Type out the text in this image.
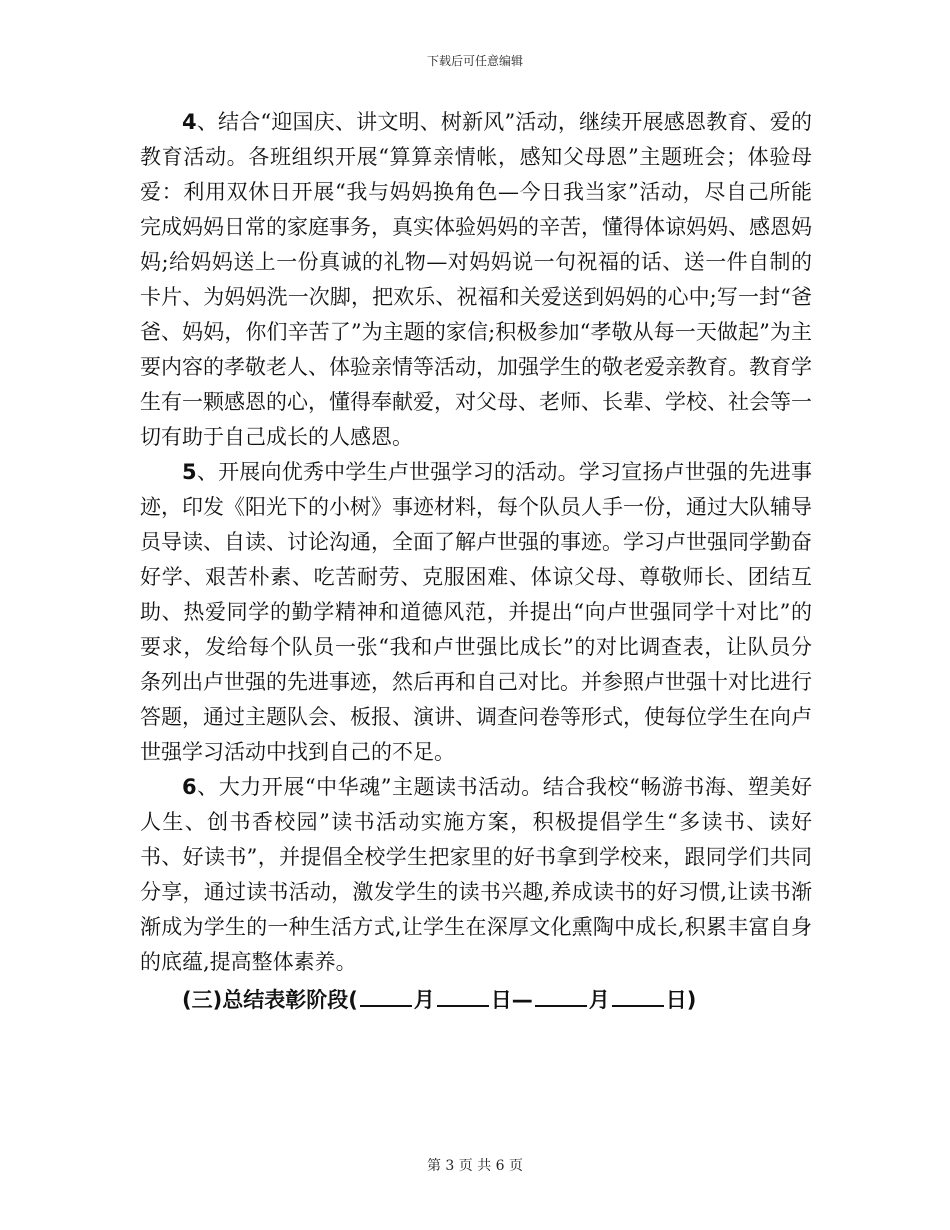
下载后可任意编辑

4、结合“迎国庆、讲文明、树新风”活动，继续开展感恩教育、爱的教育活动。各班组织开展“算算亲情帐，感知父母恩”主题班会；体验母爱：利用双休日开展“我与妈妈换角色—今日我当家”活动，尽自己所能完成妈妈日常的家庭事务，真实体验妈妈的辛苦，懂得体谅妈妈、感恩妈妈;给妈妈送上一份真诚的礼物—对妈妈说一句祝福的话、送一件自制的卡片、为妈妈洗一次脚，把欢乐、祝福和关爱送到妈妈的心中;写一封“爸爸、妈妈，你们辛苦了”为主题的家信;积极参加“孝敬从每一天做起”为主要内容的孝敬老人、体验亲情等活动，加强学生的敬老爱亲教育。教育学生有一颗感恩的心，懂得奉献爱，对父母、老师、长辈、学校、社会等一切有助于自己成长的人感恩。

5、开展向优秀中学生卢世强学习的活动。学习宣扬卢世强的先进事迹，印发《阳光下的小树》事迹材料，每个队员人手一份，通过大队辅导员导读、自读、讨论沟通，全面了解卢世强的事迹。学习卢世强同学勤奋好学、艰苦朴素、吃苦耐劳、克服困难、体谅父母、尊敬师长、团结互助、热爱同学的勤学精神和道德风范，并提出“向卢世强同学十对比”的要求，发给每个队员一张“我和卢世强比成长”的对比调查表，让队员分条列出卢世强的先进事迹，然后再和自己对比。并参照卢世强十对比进行答题，通过主题队会、板报、演讲、调查问卷等形式，使每位学生在向卢世强学习活动中找到自己的不足。

6、大力开展“中华魂”主题读书活动。结合我校“畅游书海、塑美好人生、创书香校园”读书活动实施方案，积极提倡学生“多读书、读好书、好读书”，并提倡全校学生把家里的好书拿到学校来，跟同学们共同分享，通过读书活动，激发学生的读书兴趣,养成读书的好习惯,让读书渐渐成为学生的一种生活方式,让学生在深厚文化熏陶中成长,积累丰富自身的底蕴,提高整体素养。

(三)总结表彰阶段(	月	日—	月	日)

第 3 页 共 6 页
